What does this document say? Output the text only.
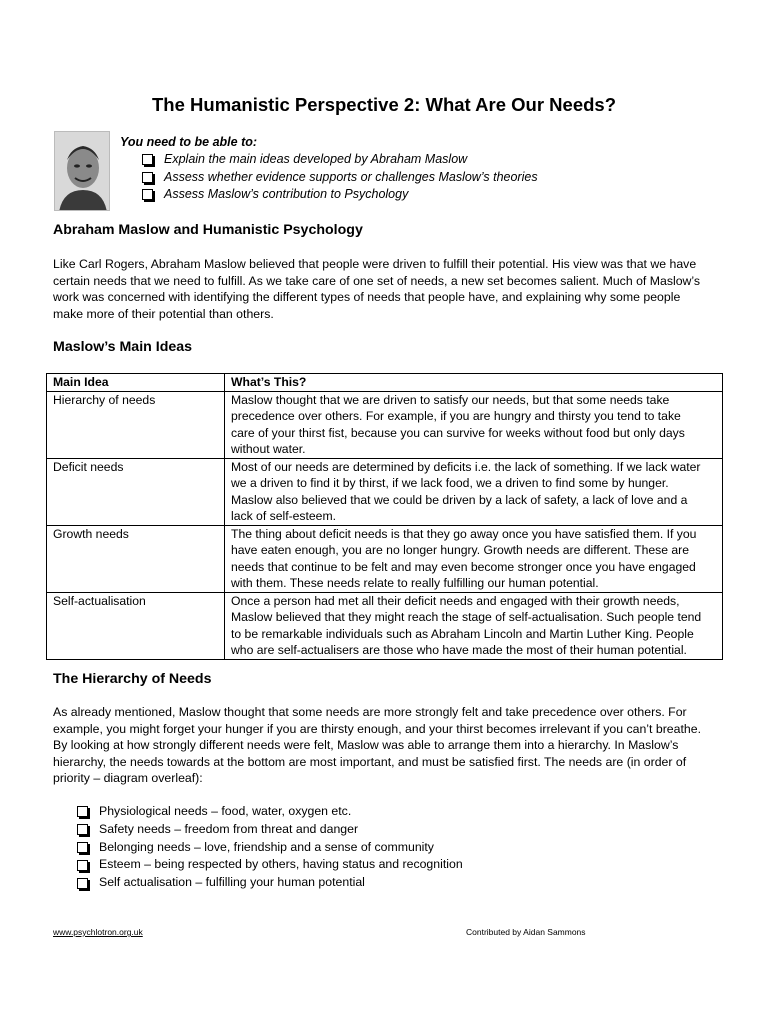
The Humanistic Perspective 2: What Are Our Needs?
You need to be able to:
Explain the main ideas developed by Abraham Maslow
Assess whether evidence supports or challenges Maslow’s theories
Assess Maslow’s contribution to Psychology
Abraham Maslow and Humanistic Psychology
Like Carl Rogers, Abraham Maslow believed that people were driven to fulfill their potential. His view was that we have
certain needs that we need to fulfill. As we take care of one set of needs, a new set becomes salient. Much of Maslow’s
work was concerned with identifying the different types of needs that people have, and explaining why some people
make more of their potential than others.
Maslow’s Main Ideas
Main Idea	What’s This?
Hierarchy of needs	Maslow thought that we are driven to satisfy our needs, but that some needs take
precedence over others. For example, if you are hungry and thirsty you tend to take
care of your thirst fist, because you can survive for weeks without food but only days
without water.

Deficit needs	Most of our needs are determined by deficits i.e. the lack of something. If we lack water
we a driven to find it by thirst, if we lack food, we a driven to find some by hunger.
Maslow also believed that we could be driven by a lack of safety, a lack of love and a
lack of self-esteem.

Growth needs	The thing about deficit needs is that they go away once you have satisfied them. If you
have eaten enough, you are no longer hungry. Growth needs are different. These are
needs that continue to be felt and may even become stronger once you have engaged
with them. These needs relate to really fulfilling our human potential.

Self-actualisation	Once a person had met all their deficit needs and engaged with their growth needs,
Maslow believed that they might reach the stage of self-actualisation. Such people tend
to be remarkable individuals such as Abraham Lincoln and Martin Luther King. People
who are self-actualisers are those who have made the most of their human potential.
The Hierarchy of Needs
As already mentioned, Maslow thought that some needs are more strongly felt and take precedence over others. For
example, you might forget your hunger if you are thirsty enough, and your thirst becomes irrelevant if you can’t breathe.
By looking at how strongly different needs were felt, Maslow was able to arrange them into a hierarchy. In Maslow’s
hierarchy, the needs towards at the bottom are most important, and must be satisfied first. The needs are (in order of
priority – diagram overleaf):
Physiological needs – food, water, oxygen etc.
Safety needs – freedom from threat and danger
Belonging needs – love, friendship and a sense of community
Esteem – being respected by others, having status and recognition
Self actualisation – fulfilling your human potential
www.psychlotron.org.uk	Contributed by Aidan Sammons
